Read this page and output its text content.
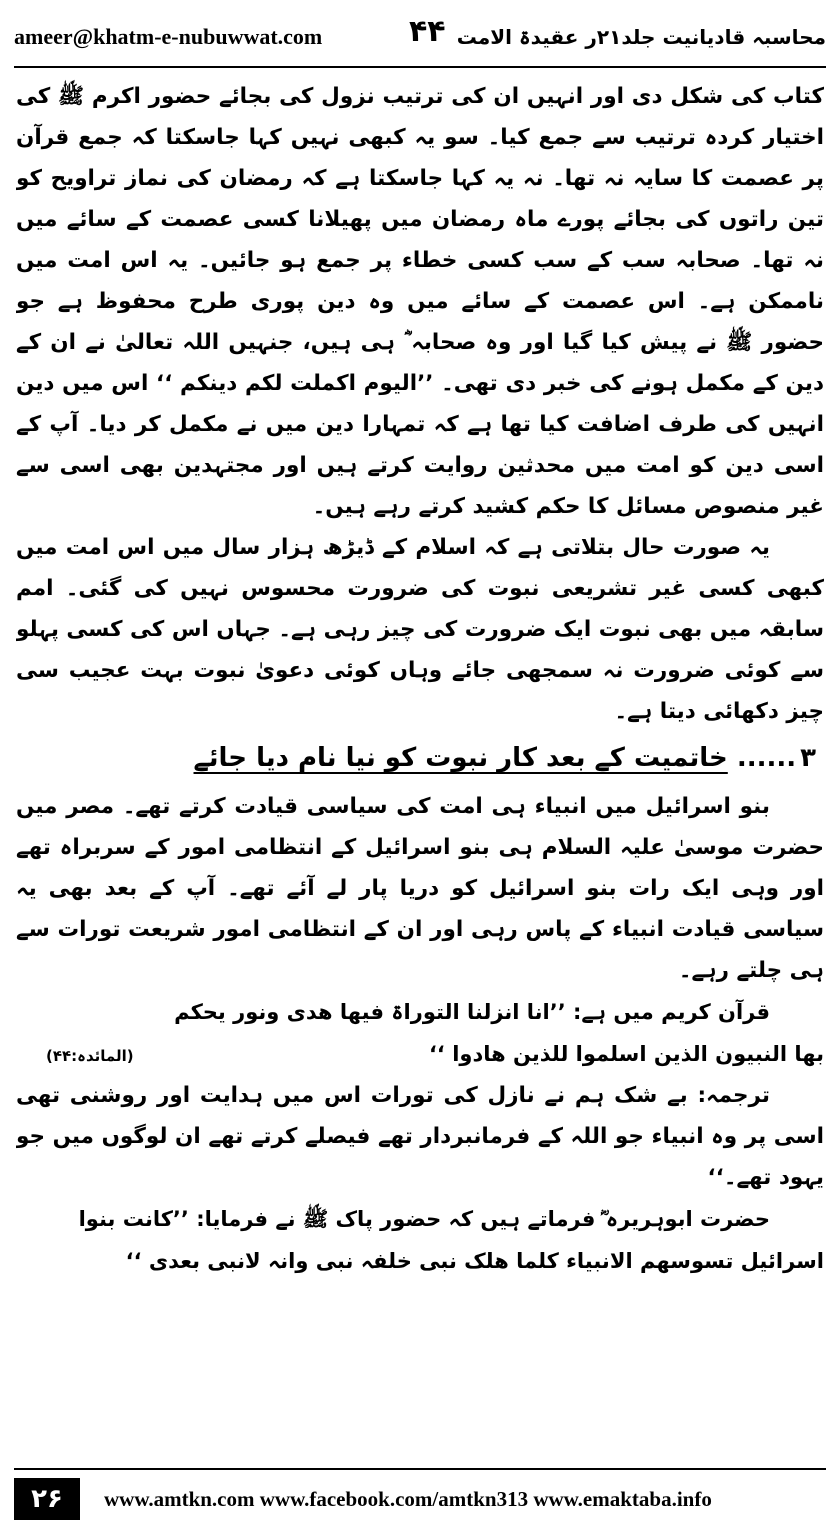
ameer@khatm-e-nubuwwat.com	۴۴ محاسبہ قادیانیت جلد۲۱ر عقیدۃ الامت

کتاب کی شکل دی اور انہیں ان کی ترتیب نزول کی بجائے حضور اکرم ﷺ کی اختیار کردہ ترتیب سے جمع کیا۔ سو یہ کبھی نہیں کہا جاسکتا کہ جمع قرآن پر عصمت کا سایہ نہ تھا۔ نہ یہ کہا جاسکتا ہے کہ رمضان کی نماز تراویح کو تین راتوں کی بجائے پورے ماہ رمضان میں پھیلانا کسی عصمت کے سائے میں نہ تھا۔ صحابہ سب کے سب کسی خطاء پر جمع ہو جائیں۔ یہ اس امت میں ناممکن ہے۔ اس عصمت کے سائے میں وہ دین پوری طرح محفوظ ہے جو حضور ﷺ نے پیش کیا گیا اور وہ صحابہ ؓ ہی ہیں، جنہیں اللہ تعالیٰ نے ان کے دین کے مکمل ہونے کی خبر دی تھی۔ ’’الیوم اکملت لکم دینکم ‘‘ اس میں دین انہیں کی طرف اضافت کیا تھا ہے کہ تمہارا دین میں نے مکمل کر دیا۔ آپ کے اسی دین کو امت میں محدثین روایت کرتے ہیں اور مجتہدین بھی اسی سے غیر منصوص مسائل کا حکم کشید کرتے رہے ہیں۔

یہ صورت حال بتلاتی ہے کہ اسلام کے ڈیڑھ ہزار سال میں اس امت میں کبھی کسی غیر تشریعی نبوت کی ضرورت محسوس نہیں کی گئی۔ امم سابقہ میں بھی نبوت ایک ضرورت کی چیز رہی ہے۔ جہاں اس کی کسی پہلو سے کوئی ضرورت نہ سمجھی جائے وہاں کوئی دعویٰ نبوت بہت عجیب سی چیز دکھائی دیتا ہے۔

۳...... خاتمیت کے بعد کار نبوت کو نیا نام دیا جائے

بنو اسرائیل میں انبیاء ہی امت کی سیاسی قیادت کرتے تھے۔ مصر میں حضرت موسیٰ علیہ السلام ہی بنو اسرائیل کے انتظامی امور کے سربراہ تھے اور وہی ایک رات بنو اسرائیل کو دریا پار لے آئے تھے۔ آپ کے بعد بھی یہ سیاسی قیادت انبیاء کے پاس رہی اور ان کے انتظامی امور شریعت تورات سے ہی چلتے رہے۔

قرآن کریم میں ہے: ’’انا انزلنا التوراۃ فیھا ھدی ونور یحکم

بھا النبیون الذین اسلموا للذین ھادوا ‘‘
(المائدہ:۴۴)

ترجمہ: بے شک ہم نے نازل کی تورات اس میں ہدایت اور روشنی تھی اسی پر وہ انبیاء جو اللہ کے فرمانبردار تھے فیصلے کرتے تھے ان لوگوں میں جو یہود تھے۔‘‘

حضرت ابوہریرہ ؓ فرماتے ہیں کہ حضور پاک ﷺ نے فرمایا: ’’کانت بنوا

اسرائیل تسوسھم الانبیاء کلما ھلک نبی خلفہ نبی وانہ لانبی بعدی ‘‘

۲۶	www.amtkn.com www.facebook.com/amtkn313 www.emaktaba.info
